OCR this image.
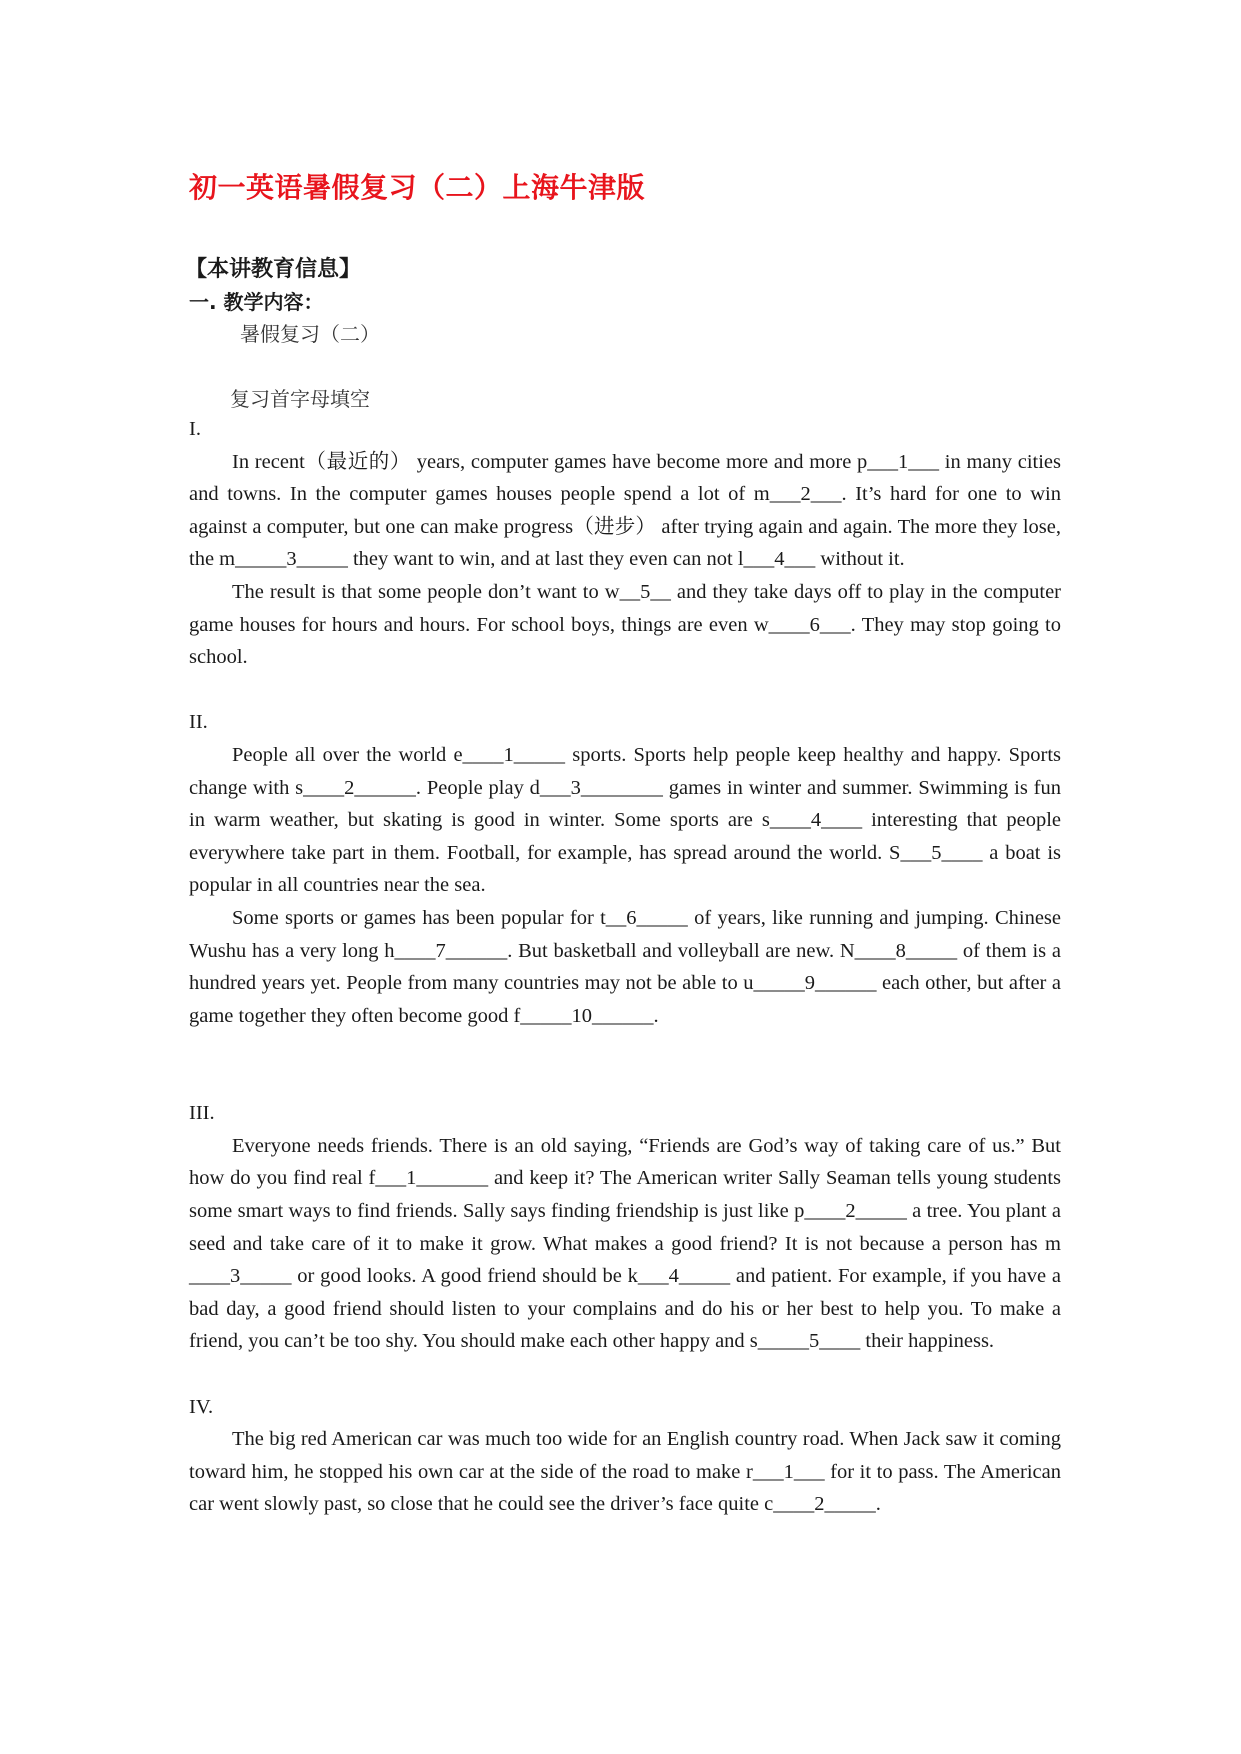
初一英语暑假复习（二）上海牛津版
【本讲教育信息】
一. 教学内容：
暑假复习（二）
复习首字母填空

I.

In recent（最近的） years, computer games have become more and more p___1___ in many cities and towns. In the computer games houses people spend a lot of m___2___. It’s hard for one to win against a computer, but one can make progress（进步） after trying again and again. The more they lose, the m_____3_____ they want to win, and at last they even can not l___4___ without it.

The result is that some people don’t want to w__5__ and they take days off to play in the computer game houses for hours and hours. For school boys, things are even w____6___. They may stop going to school.

II.

People all over the world e____1_____ sports. Sports help people keep healthy and happy. Sports change with s____2______. People play d___3________ games in winter and summer. Swimming is fun in warm weather, but skating is good in winter. Some sports are s____4____ interesting that people everywhere take part in them. Football, for example, has spread around the world. S___5____ a boat is popular in all countries near the sea.

Some sports or games has been popular for t__6_____ of years, like running and jumping. Chinese Wushu has a very long h____7______. But basketball and volleyball are new. N____8_____ of them is a hundred years yet. People from many countries may not be able to u_____9______ each other, but after a game together they often become good f_____10______.

III.

Everyone needs friends. There is an old saying, “Friends are God’s way of taking care of us.” But how do you find real f___1_______ and keep it? The American writer Sally Seaman tells young students some smart ways to find friends. Sally says finding friendship is just like p____2_____ a tree. You plant a seed and take care of it to make it grow. What makes a good friend? It is not because a person has m ____3_____ or good looks. A good friend should be k___4_____ and patient. For example, if you have a bad day, a good friend should listen to your complains and do his or her best to help you. To make a friend, you can’t be too shy. You should make each other happy and s_____5____ their happiness.

IV.

The big red American car was much too wide for an English country road. When Jack saw it coming toward him, he stopped his own car at the side of the road to make r___1___ for it to pass. The American car went slowly past, so close that he could see the driver’s face quite c____2_____.
